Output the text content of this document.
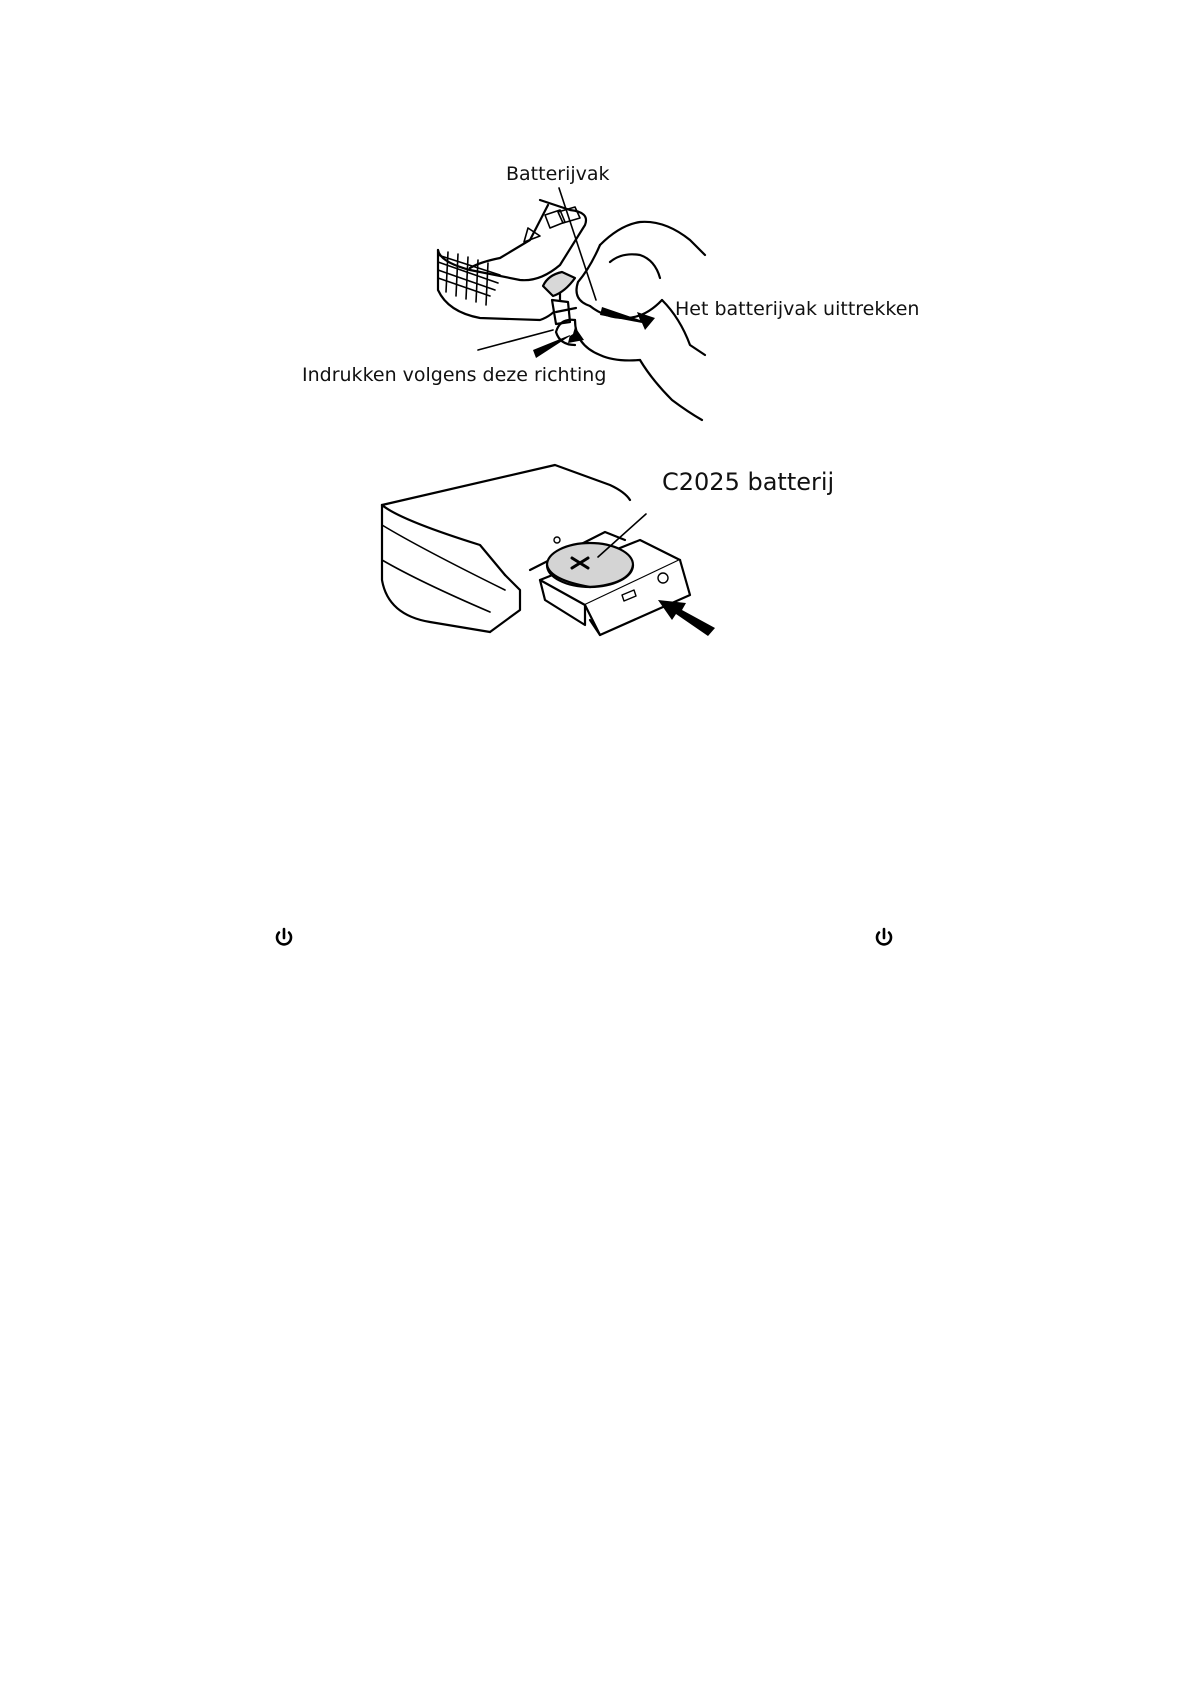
Batterijvak
Het batterijvak uittrekken
Indrukken volgens deze richting
C2025 batterij
